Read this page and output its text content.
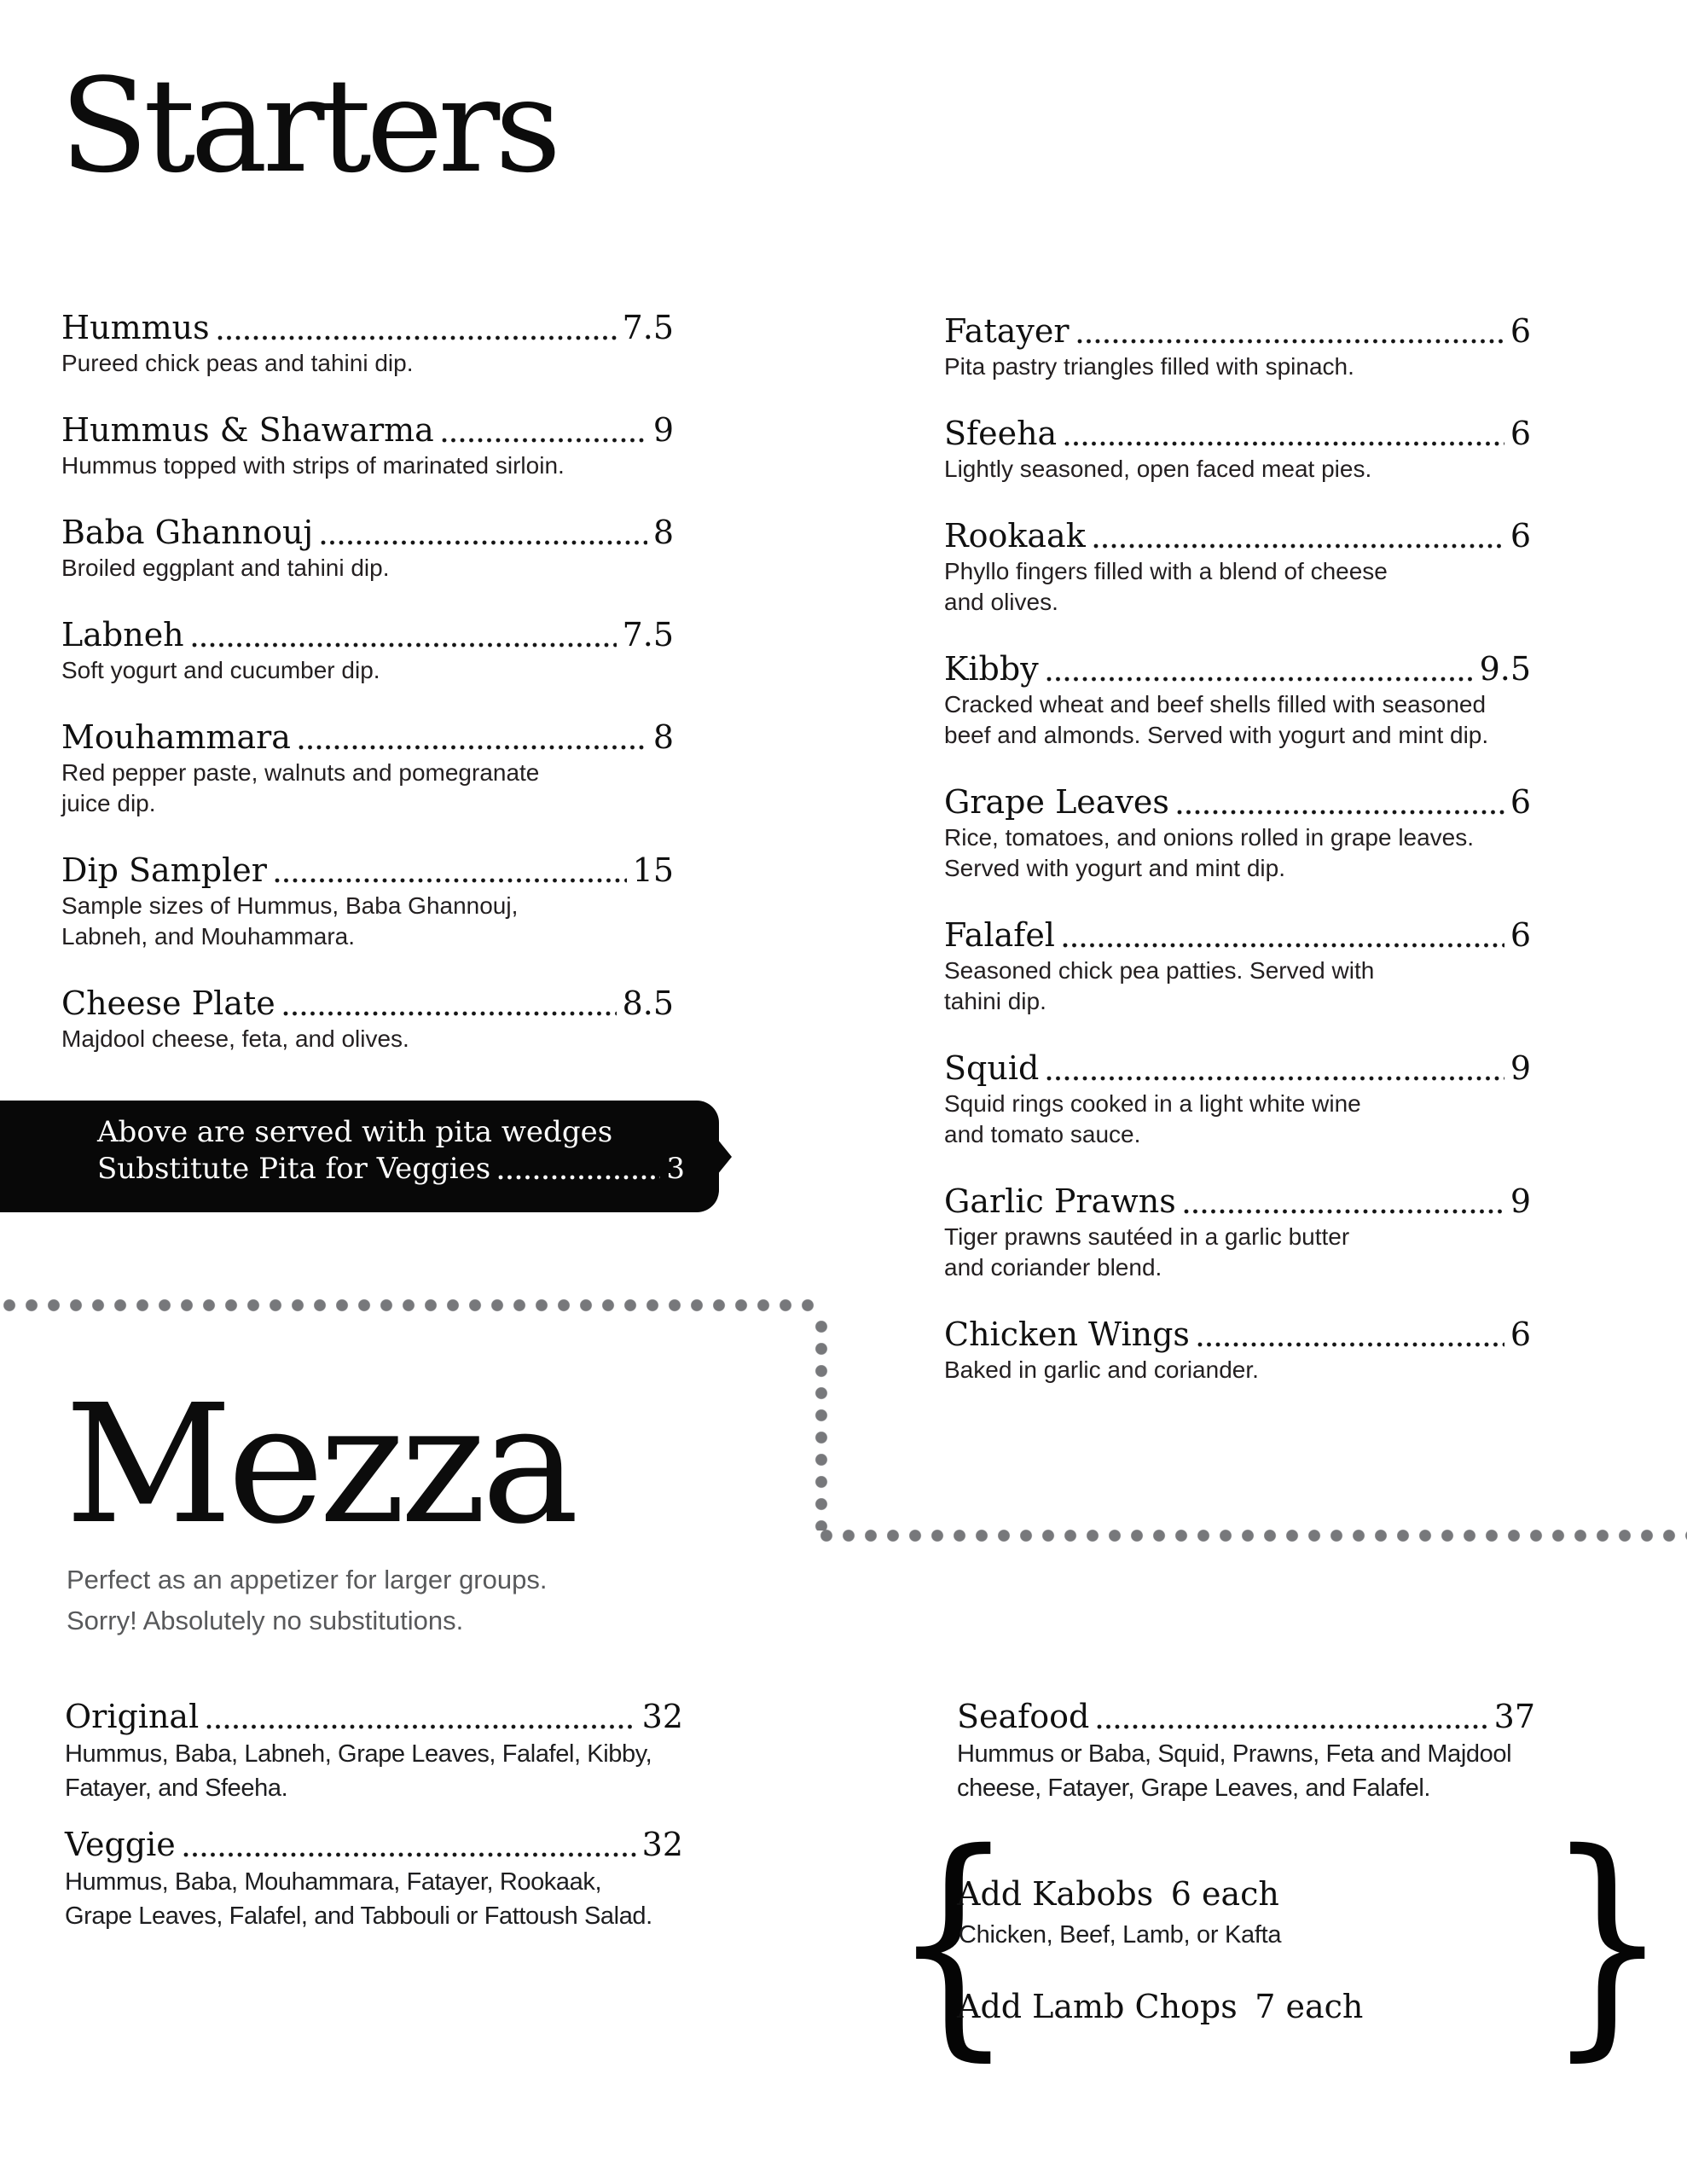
Starters
Hummus	7.5
Pureed chick peas and tahini dip.
Hummus & Shawarma	9
Hummus topped with strips of marinated sirloin.
Baba Ghannouj	8
Broiled eggplant and tahini dip.
Labneh	7.5
Soft yogurt and cucumber dip.
Mouhammara	8
Red pepper paste, walnuts and pomegranate
juice dip.
Dip Sampler	15
Sample sizes of Hummus, Baba Ghannouj,
Labneh, and Mouhammara.
Cheese Plate	8.5
Majdool cheese, feta, and olives.
Fatayer	6
Pita pastry triangles filled with spinach.
Sfeeha	6
Lightly seasoned, open faced meat pies.
Rookaak	6
Phyllo fingers filled with a blend of cheese
and olives.
Kibby	9.5
Cracked wheat and beef shells filled with seasoned
beef and almonds. Served with yogurt and mint dip.
Grape Leaves	6
Rice, tomatoes, and onions rolled in grape leaves.
Served with yogurt and mint dip.
Falafel	6
Seasoned chick pea patties. Served with
tahini dip.
Squid	9
Squid rings cooked in a light white wine
and tomato sauce.
Garlic Prawns	9
Tiger prawns sautéed in a garlic butter
and coriander blend.
Chicken Wings	6
Baked in garlic and coriander.
Above are served with pita wedges
Substitute Pita for Veggies	3
Mezza
Perfect as an appetizer for larger groups.
Sorry! Absolutely no substitutions.
Original	32
Hummus, Baba, Labneh, Grape Leaves, Falafel, Kibby,
Fatayer, and Sfeeha.
Veggie	32
Hummus, Baba, Mouhammara, Fatayer, Rookaak,
Grape Leaves, Falafel, and Tabbouli or Fattoush Salad.
Seafood	37
Hummus or Baba, Squid, Prawns, Feta and Majdool
cheese, Fatayer, Grape Leaves, and Falafel.
{ }
Add Kabobs 6 each
Chicken, Beef, Lamb, or Kafta
Add Lamb Chops 7 each
